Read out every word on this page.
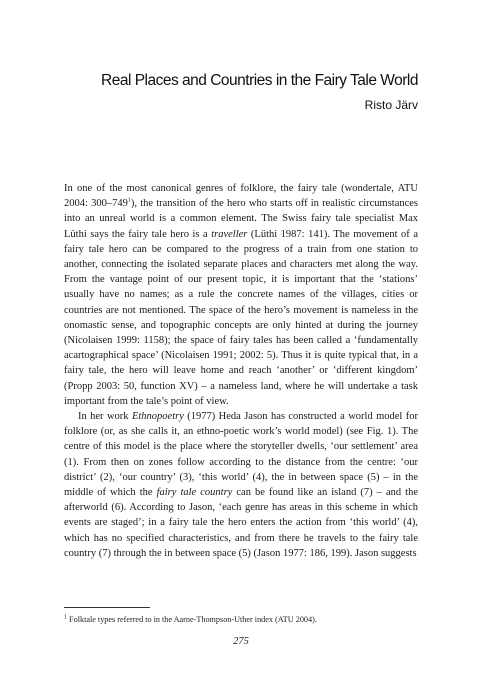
Real Places and Countries in the Fairy Tale World
Risto Järv

In one of the most canonical genres of folklore, the fairy tale (wondertale, ATU 2004: $300-749^1$), the transition of the hero who starts off in realistic circumstances into an unreal world is a common element. The Swiss fairy tale specialist Max Lüthi says the fairy tale hero is a traveller (Lüthi 1987: 141). The movement of a fairy tale hero can be compared to the progress of a train from one station to another, connecting the isolated separate places and characters met along the way. From the vantage point of our present topic, it is important that the ‘stations’ usually have no names; as a rule the concrete names of the villages, cities or countries are not mentioned. The space of the hero’s movement is nameless in the onomastic sense, and topographic concepts are only hinted at during the journey (Nicolaisen 1999: 1158); the space of fairy tales has been called a ‘fundamentally acartographical space’ (Nicolaisen 1991; 2002: 5). Thus it is quite typical that, in a fairy tale, the hero will leave home and reach ‘another’ or ‘different kingdom’ (Propp 2003: 50, function XV) – a nameless land, where he will undertake a task important from the tale’s point of view.

In her work Ethnopoetry (1977) Heda Jason has constructed a world model for folklore (or, as she calls it, an ethno-poetic work’s world model) (see Fig. 1). The centre of this model is the place where the storyteller dwells, ‘our settlement’ area (1). From then on zones follow according to the distance from the centre: ‘our district’ (2), ‘our country’ (3), ‘this world’ (4), the in between space (5) – in the middle of which the fairy tale country can be found like an island (7) – and the afterworld (6). According to Jason, ‘each genre has areas in this scheme in which events are staged’; in a fairy tale the hero enters the action from ‘this world’ (4), which has no specified characteristics, and from there he travels to the fairy tale country (7) through the in between space (5) (Jason 1977: 186, 199). Jason suggests

$^1$ Folktale types referred to in the Aarne-Thompson-Uther index (ATU 2004).
275
